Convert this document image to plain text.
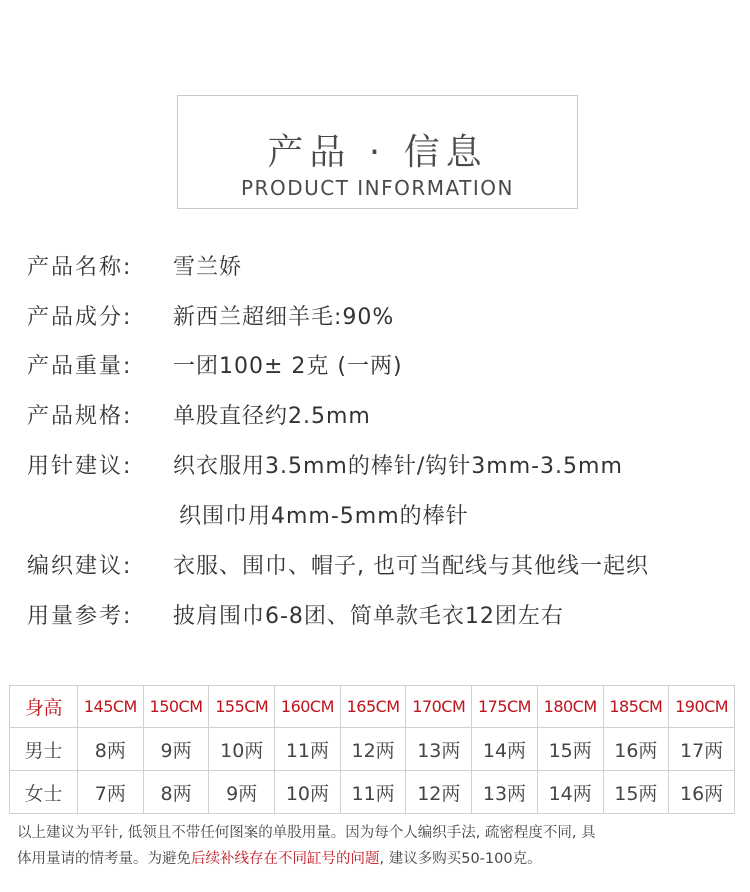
产品 · 信息
PRODUCT INFORMATION
产品名称: 雪兰娇
产品成分: 新西兰超细羊毛:90%
产品重量: 一团100± 2克 (一两)
产品规格: 单股直径约2.5mm
用针建议: 织衣服用3.5mm的棒针/钩针3mm-3.5mm
织围巾用4mm-5mm的棒针
编织建议: 衣服、围巾、帽子, 也可当配线与其他线一起织
用量参考: 披肩围巾6-8团、简单款毛衣12团左右
身高	145CM	150CM	155CM	160CM	165CM	170CM	175CM	180CM	185CM	190CM
男士	8两	9两	10两	11两	12两	13两	14两	15两	16两	17两
女士	7两	8两	9两	10两	11两	12两	13两	14两	15两	16两
以上建议为平针, 低领且不带任何图案的单股用量。因为每个人编织手法, 疏密程度不同, 具
体用量请的情考量。为避免后续补线存在不同缸号的问题, 建议多购买50-100克。
